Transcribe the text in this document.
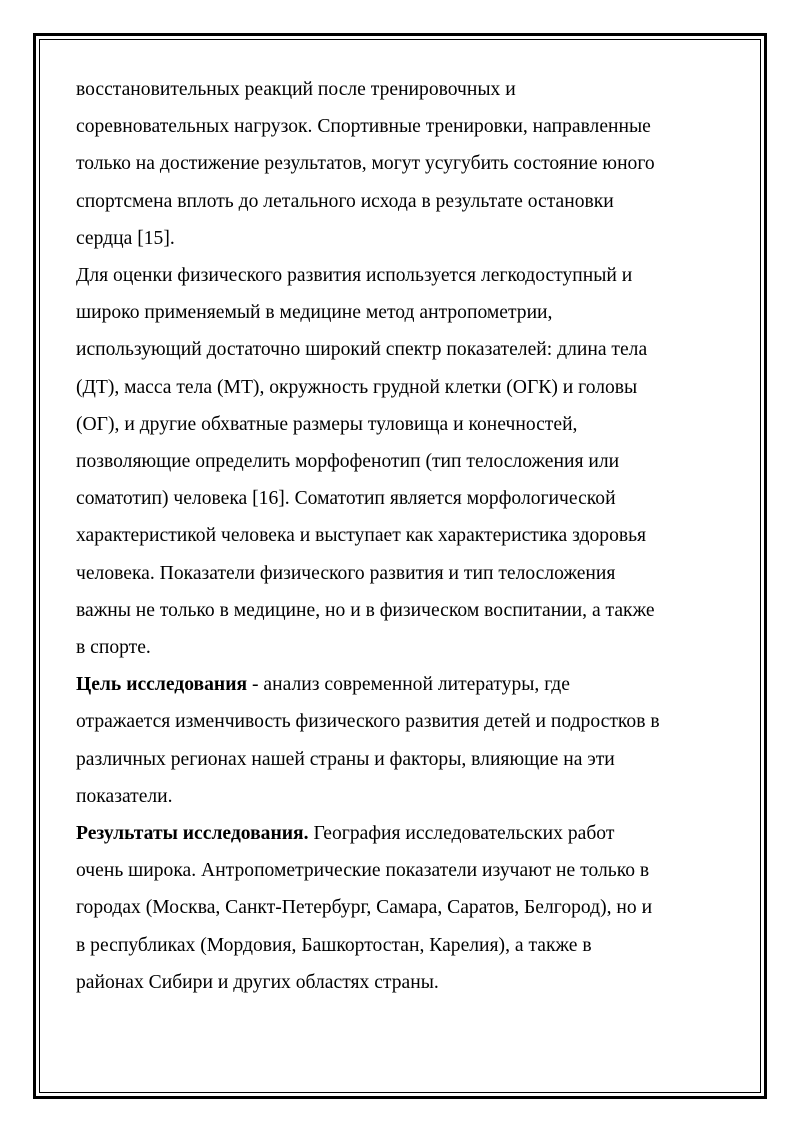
восстановительных реакций после тренировочных и
соревновательных нагрузок. Спортивные тренировки, направленные
только на достижение результатов, могут усугубить состояние юного
спортсмена вплоть до летального исхода в результате остановки
сердца [15].

Для оценки физического развития используется легкодоступный и
широко применяемый в медицине метод антропометрии,
использующий достаточно широкий спектр показателей: длина тела
(ДТ), масса тела (МТ), окружность грудной клетки (ОГК) и головы
(ОГ), и другие обхватные размеры туловища и конечностей,
позволяющие определить морфофенотип (тип телосложения или
соматотип) человека [16]. Соматотип является морфологической
характеристикой человека и выступает как характеристика здоровья
человека. Показатели физического развития и тип телосложения
важны не только в медицине, но и в физическом воспитании, а также
в спорте.

Цель исследования - анализ современной литературы, где
отражается изменчивость физического развития детей и подростков в
различных регионах нашей страны и факторы, влияющие на эти
показатели.

Результаты исследования. География исследовательских работ
очень широка. Антропометрические показатели изучают не только в
городах (Москва, Санкт-Петербург, Самара, Саратов, Белгород), но и
в республиках (Мордовия, Башкортостан, Карелия), а также в
районах Сибири и других областях страны.
